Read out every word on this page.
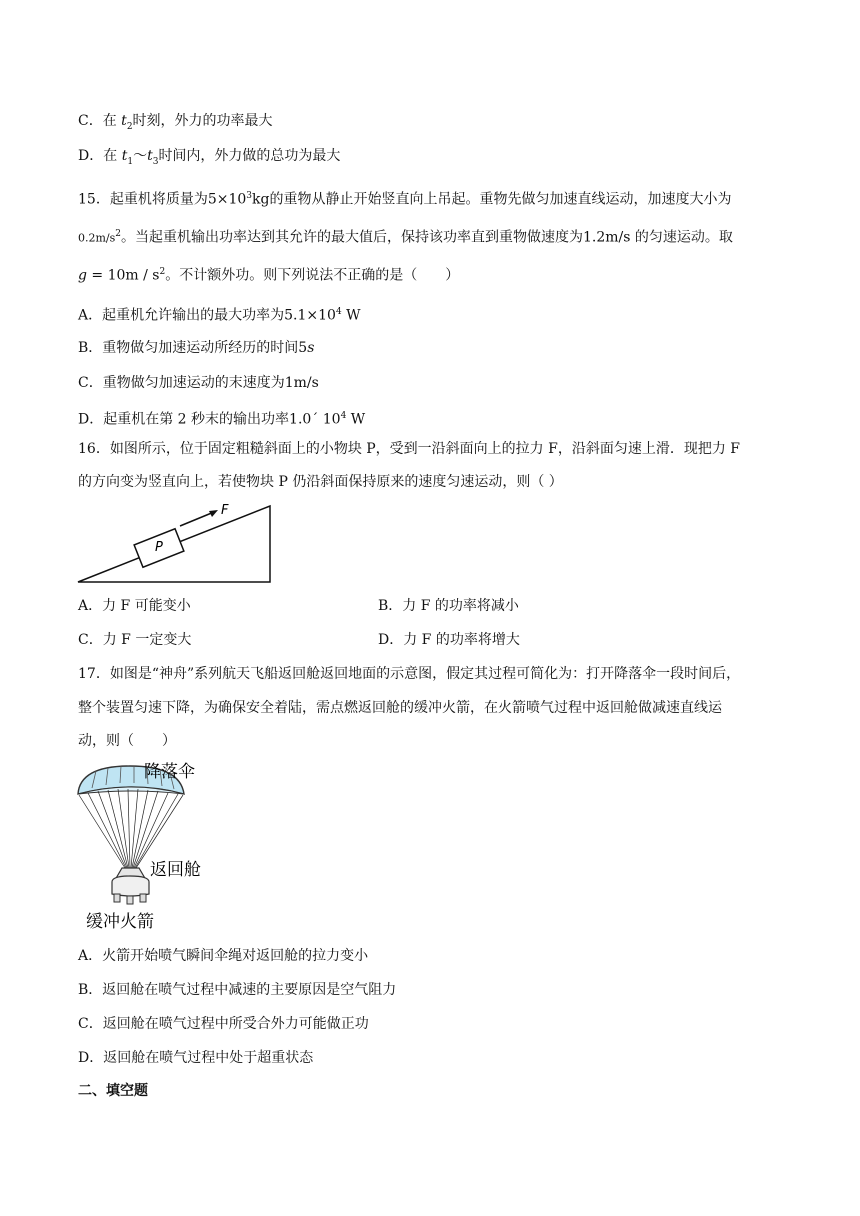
C．在 $t_2$时刻，外力的功率最大
D．在 $t_1\sim t_3$时间内，外力做的总功为最大
15．起重机将质量为$5\times 10^3kg$的重物从静止开始竖直向上吊起。重物先做匀加速直线运动，加速度大小为
$0.2m/s^2$。当起重机输出功率达到其允许的最大值后，保持该功率直到重物做速度为1.2m/s 的匀速运动。取
$g = 10m / s^2$。不计额外功。则下列说法不正确的是（　　）
A．起重机允许输出的最大功率为$5.1\times 10^4$ W
B．重物做匀加速运动所经历的时间5s
C．重物做匀加速运动的末速度为1m/s
D．起重机在第 2 秒末的输出功率1.0´ $10^4$ W
16．如图所示，位于固定粗糙斜面上的小物块 P，受到一沿斜面向上的拉力 F，沿斜面匀速上滑．现把力 F
的方向变为竖直向上，若使物块 P 仍沿斜面保持原来的速度匀速运动，则（ ）
P
F
A．力 F 可能变小	B．力 F 的功率将减小
C．力 F 一定变大	D．力 F 的功率将增大
17．如图是“神舟”系列航天飞船返回舱返回地面的示意图，假定其过程可简化为：打开降落伞一段时间后，
整个装置匀速下降，为确保安全着陆，需点燃返回舱的缓冲火箭，在火箭喷气过程中返回舱做减速直线运
动，则（　　）
降落伞
返回舱
缓冲火箭
A．火箭开始喷气瞬间伞绳对返回舱的拉力变小
B．返回舱在喷气过程中减速的主要原因是空气阻力
C．返回舱在喷气过程中所受合外力可能做正功
D．返回舱在喷气过程中处于超重状态
二、填空题
